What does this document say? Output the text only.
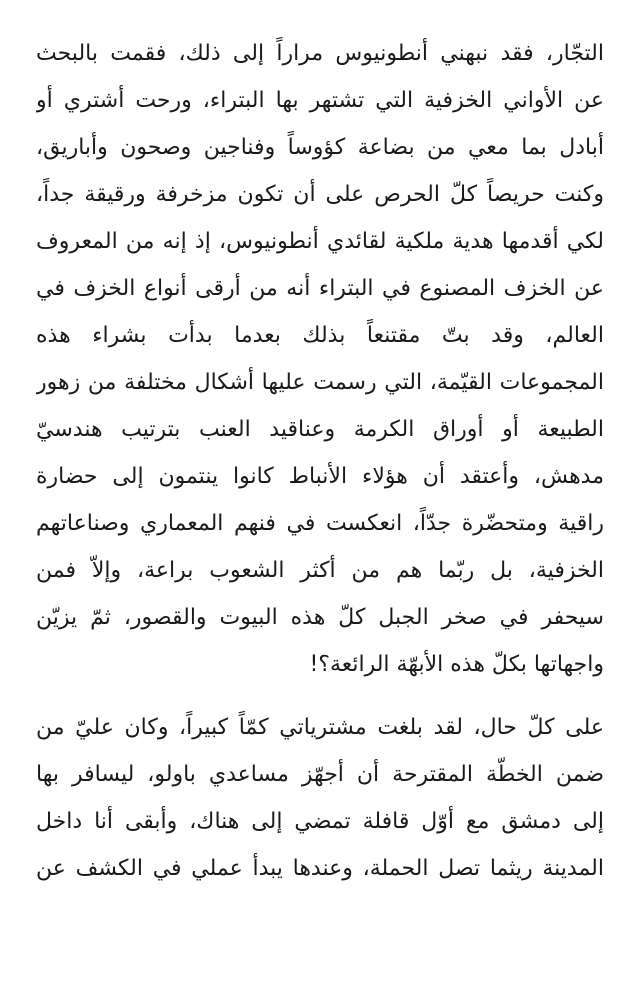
التجّار، فقد نبهني أنطونيوس مراراً إلى ذلك، فقمت بالبحث
عن الأواني الخزفية التي تشتهر بها البتراء، ورحت أشتري أو
أبادل بما معي من بضاعة كؤوساً وفناجين وصحون وأباريق،
وكنت حريصاً كلّ الحرص على أن تكون مزخرفة ورقيقة جداً،
لكي أقدمها هدية ملكية لقائدي أنطونيوس، إذ إنه من المعروف
عن الخزف المصنوع في البتراء أنه من أرقى أنواع الخزف في
العالم، وقد بتّ مقتنعاً بذلك بعدما بدأت بشراء هذه
المجموعات القيّمة، التي رسمت عليها أشكال مختلفة من زهور
الطبيعة أو أوراق الكرمة وعناقيد العنب بترتيب هندسيّ
مدهش، وأعتقد أن هؤلاء الأنباط كانوا ينتمون إلى حضارة
راقية ومتحضّرة جدّاً، انعكست في فنهم المعماري وصناعاتهم
الخزفية، بل ربّما هم من أكثر الشعوب براعة، وإلاّ فمن
سيحفر في صخر الجبل كلّ هذه البيوت والقصور، ثمّ يزيّن
واجهاتها بكلّ هذه الأبهّة الرائعة؟!
على كلّ حال، لقد بلغت مشترياتي كمّاً كبيراً، وكان عليّ من
ضمن الخطّة المقترحة أن أجهّز مساعدي باولو، ليسافر بها
إلى دمشق مع أوّل قافلة تمضي إلى هناك، وأبقى أنا داخل
المدينة ريثما تصل الحملة، وعندها يبدأ عملي في الكشف عن
